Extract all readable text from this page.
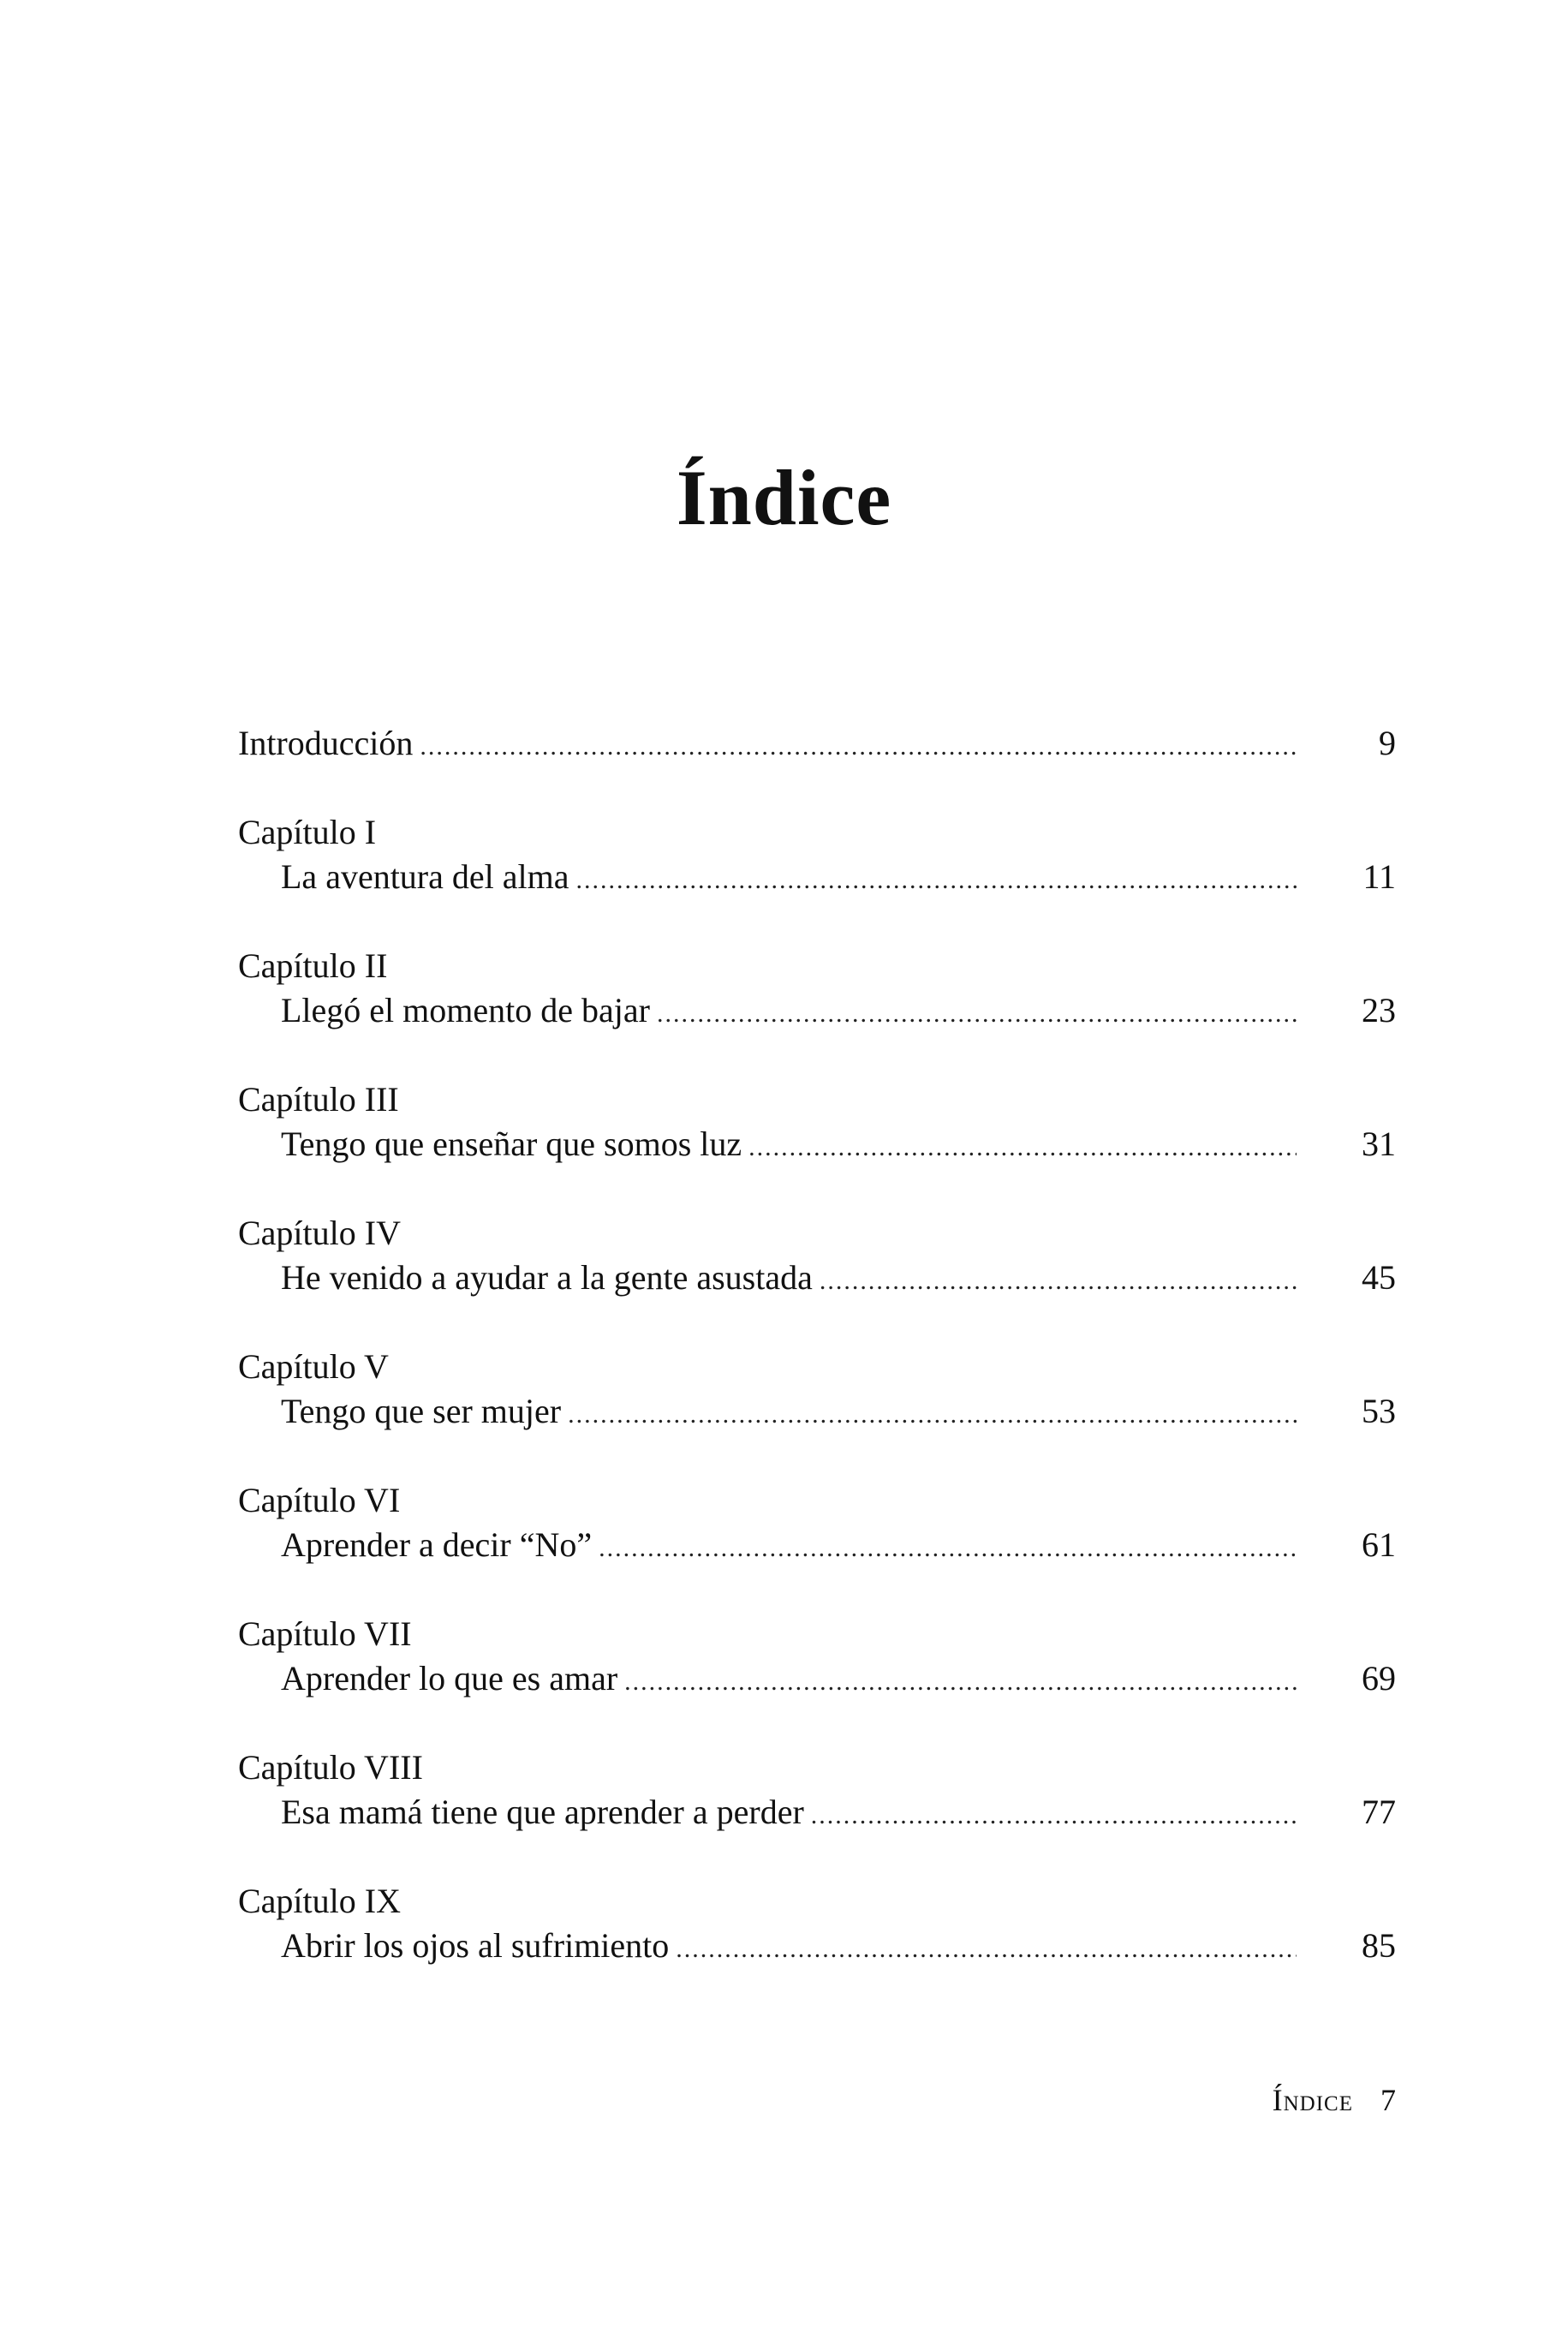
Índice
Introducción .....	9
Capítulo I
La aventura del alma .....	11
Capítulo II
Llegó el momento de bajar .....	23
Capítulo III
Tengo que enseñar que somos luz .....	31
Capítulo IV
He venido a ayudar a la gente asustada .....	45
Capítulo V
Tengo que ser mujer .....	53
Capítulo VI
Aprender a decir “No” .....	61
Capítulo VII
Aprender lo que es amar .....	69
Capítulo VIII
Esa mamá tiene que aprender a perder .....	77
Capítulo IX
Abrir los ojos al sufrimiento .....	85
Índice 7
